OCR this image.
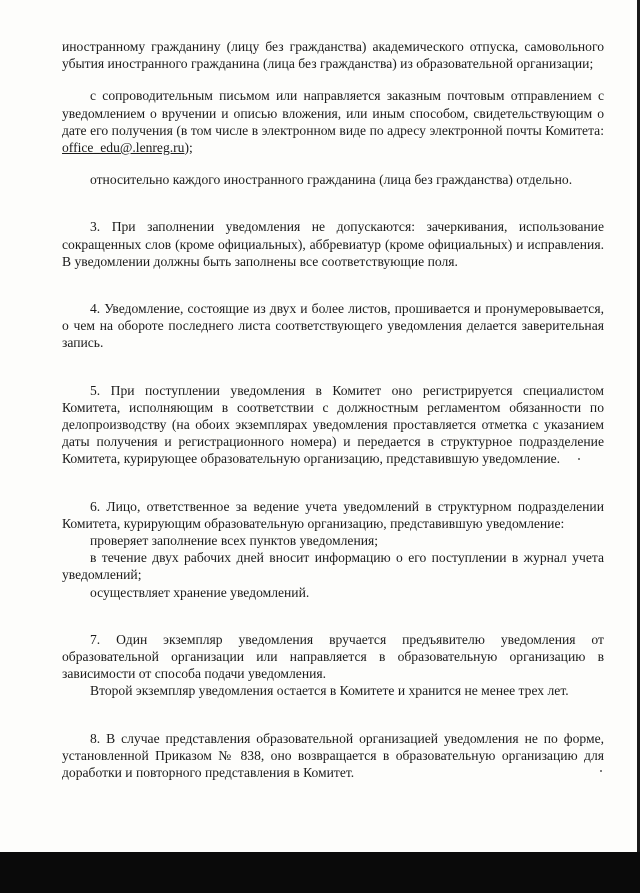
иностранному гражданину (лицу без гражданства) академического отпуска, самовольного убытия иностранного гражданина (лица без гражданства) из образовательной организации;

с сопроводительным письмом или направляется заказным почтовым отправлением с уведомлением о вручении и описью вложения, или иным способом, свидетельствующим о дате его получения (в том числе в электронном виде по адресу электронной почты Комитета: office_edu@.lenreg.ru);

относительно каждого иностранного гражданина (лица без гражданства) отдельно.

3. При заполнении уведомления не допускаются: зачеркивания, использование сокращенных слов (кроме официальных), аббревиатур (кроме официальных) и исправления. В уведомлении должны быть заполнены все соответствующие поля.

4. Уведомление, состоящие из двух и более листов, прошивается и пронумеровывается, о чем на обороте последнего листа соответствующего уведомления делается заверительная запись.

5. При поступлении уведомления в Комитет оно регистрируется специалистом Комитета, исполняющим в соответствии с должностным регламентом обязанности по делопроизводству (на обоих экземплярах уведомления проставляется отметка с указанием даты получения и регистрационного номера) и передается в структурное подразделение Комитета, курирующее образовательную организацию, представившую уведомление.

6. Лицо, ответственное за ведение учета уведомлений в структурном подразделении Комитета, курирующим образовательную организацию, представившую уведомление:

проверяет заполнение всех пунктов уведомления;

в течение двух рабочих дней вносит информацию о его поступлении в журнал учета уведомлений;

осуществляет хранение уведомлений.

7. Один экземпляр уведомления вручается предъявителю уведомления от образовательной организации или направляется в образовательную организацию в зависимости от способа подачи уведомления.

Второй экземпляр уведомления остается в Комитете и хранится не менее трех лет.

8. В случае представления образовательной организацией уведомления не по форме, установленной Приказом № 838, оно возвращается в образовательную организацию для доработки и повторного представления в Комитет.
